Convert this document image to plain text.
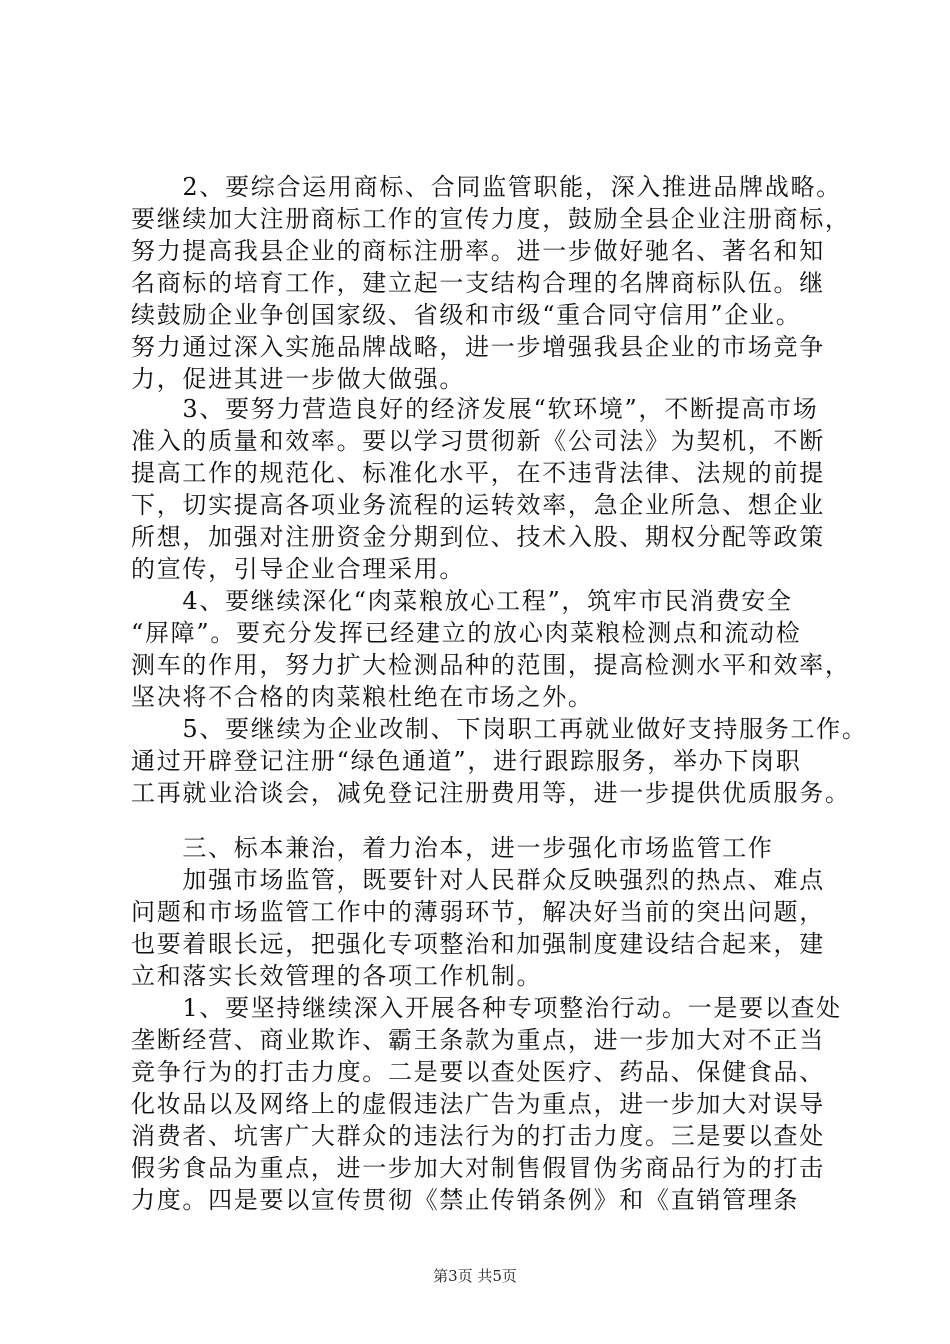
　　2、要综合运用商标、合同监管职能，深入推进品牌战略。
要继续加大注册商标工作的宣传力度，鼓励全县企业注册商标，
努力提高我县企业的商标注册率。进一步做好驰名、著名和知
名商标的培育工作，建立起一支结构合理的名牌商标队伍。继
续鼓励企业争创国家级、省级和市级“重合同守信用”企业。
努力通过深入实施品牌战略，进一步增强我县企业的市场竞争
力，促进其进一步做大做强。
　　3、要努力营造良好的经济发展“软环境”，不断提高市场
准入的质量和效率。要以学习贯彻新《公司法》为契机，不断
提高工作的规范化、标准化水平，在不违背法律、法规的前提
下，切实提高各项业务流程的运转效率，急企业所急、想企业
所想，加强对注册资金分期到位、技术入股、期权分配等政策
的宣传，引导企业合理采用。
　　4、要继续深化“肉菜粮放心工程”，筑牢市民消费安全
“屏障”。要充分发挥已经建立的放心肉菜粮检测点和流动检
测车的作用，努力扩大检测品种的范围，提高检测水平和效率，
坚决将不合格的肉菜粮杜绝在市场之外。
　　5、要继续为企业改制、下岗职工再就业做好支持服务工作。
通过开辟登记注册“绿色通道”，进行跟踪服务，举办下岗职
工再就业洽谈会，减免登记注册费用等，进一步提供优质服务。
　　三、标本兼治，着力治本，进一步强化市场监管工作
　　加强市场监管，既要针对人民群众反映强烈的热点、难点
问题和市场监管工作中的薄弱环节，解决好当前的突出问题，
也要着眼长远，把强化专项整治和加强制度建设结合起来，建
立和落实长效管理的各项工作机制。
　　1、要坚持继续深入开展各种专项整治行动。一是要以查处
垄断经营、商业欺诈、霸王条款为重点，进一步加大对不正当
竞争行为的打击力度。二是要以查处医疗、药品、保健食品、
化妆品以及网络上的虚假违法广告为重点，进一步加大对误导
消费者、坑害广大群众的违法行为的打击力度。三是要以查处
假劣食品为重点，进一步加大对制售假冒伪劣商品行为的打击
力度。四是要以宣传贯彻《禁止传销条例》和《直销管理条
第3页 共5页
